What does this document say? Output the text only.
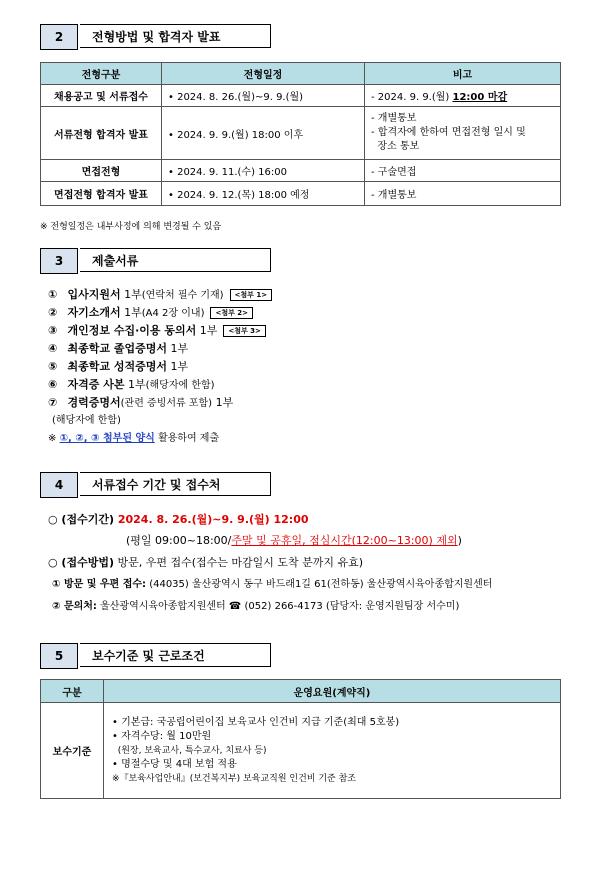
2	전형방법 및 합격자 발표
전형구분	전형일정	비고
채용공고 및 서류접수	• 2024. 8. 26.(월)~9. 9.(월)	- 2024. 9. 9.(월) 12:00 마감
서류전형 합격자 발표	• 2024. 9. 9.(월) 18:00 이후	- 개별통보
- 합격자에 한하여 면접전형 일시 및
장소 통보

면접전형	• 2024. 9. 11.(수) 16:00	- 구술면접
면접전형 합격자 발표	• 2024. 9. 12.(목) 18:00 예정	- 개별통보
※ 전형일정은 내부사정에 의해 변경될 수 있음
3	제출서류
① 입사지원서 1부(연락처 필수 기재) <첨부 1>
② 자기소개서 1부(A4 2장 이내) <첨부 2>
③ 개인정보 수집·이용 동의서 1부 <첨부 3>
④ 최종학교 졸업증명서 1부
⑤ 최종학교 성적증명서 1부
⑥ 자격증 사본 1부(해당자에 한함)
⑦ 경력증명서(관련 증빙서류 포함) 1부
(해당자에 한함)
※ ①, ②, ③ 첨부된 양식 활용하여 제출
4	서류접수 기간 및 접수처
○ (접수기간) 2024. 8. 26.(월)~9. 9.(월) 12:00
(평일 09:00~18:00/주말 및 공휴일, 점심시간(12:00~13:00) 제외)
○ (접수방법) 방문, 우편 접수(접수는 마감일시 도착 분까지 유효)
① 방문 및 우편 접수: (44035) 울산광역시 동구 바드래1길 61(전하동) 울산광역시육아종합지원센터
② 문의처: 울산광역시육아종합지원센터 ☎ (052) 266-4173 (담당자: 운영지원팀장 서수미)
5	보수기준 및 근로조건
구분	운영요원(계약직)
보수기준	• 기본급: 국공립어린이집 보육교사 인건비 지급 기준(최대 5호봉)
• 자격수당: 월 10만원
(원장, 보육교사, 특수교사, 치료사 등)
• 명절수당 및 4대 보험 적용
※『보육사업안내』(보건복지부) 보육교직원 인건비 기준 참조
